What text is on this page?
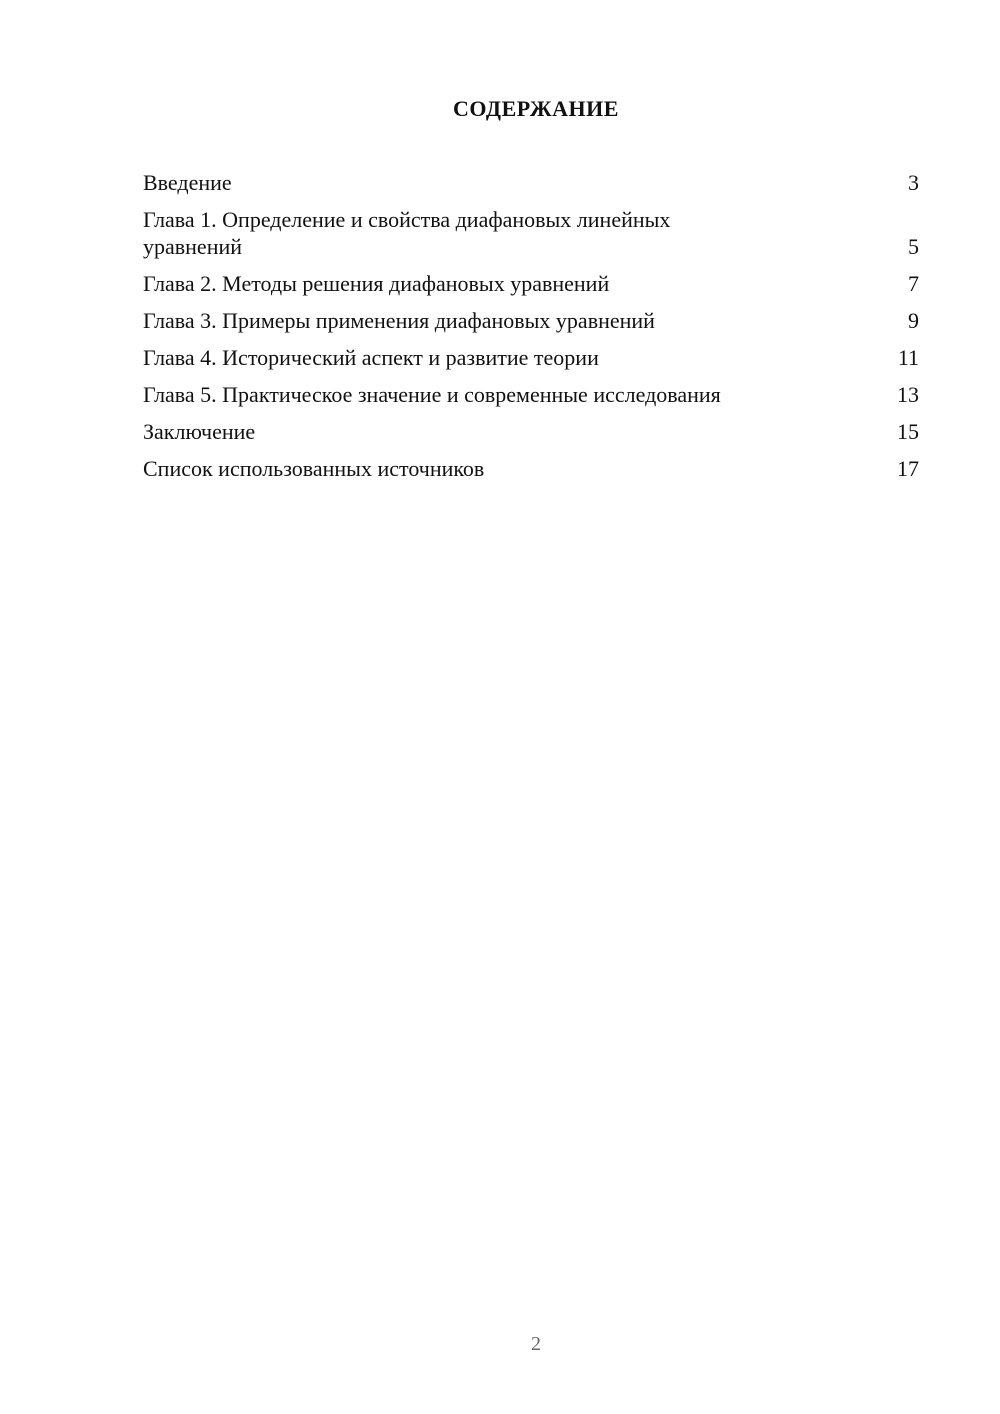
СОДЕРЖАНИЕ
Введение	3
Глава 1. Определение и свойства диафановых линейных уравнений	5
Глава 2. Методы решения диафановых уравнений	7
Глава 3. Примеры применения диафановых уравнений	9
Глава 4. Исторический аспект и развитие теории	11
Глава 5. Практическое значение и современные исследования	13
Заключение	15
Список использованных источников	17
2
